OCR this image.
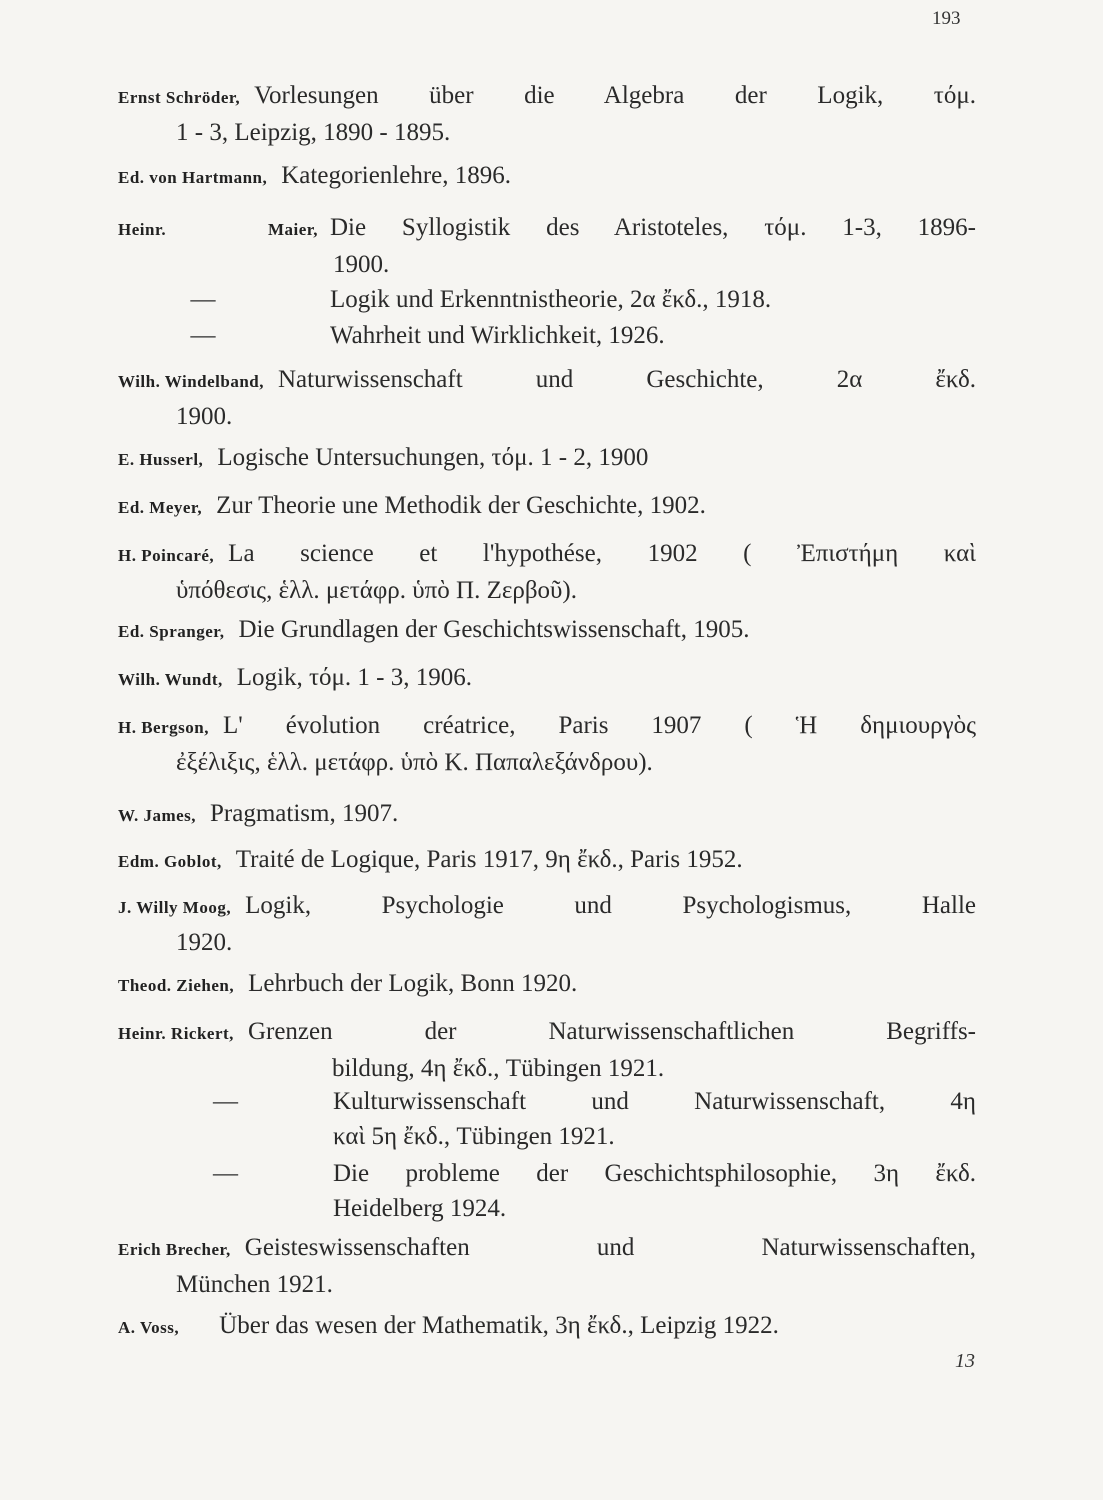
193
Ernst Schröder, Vorlesungen über die Algebra der Logik, τόμ.
1 - 3, Leipzig, 1890 - 1895.
Ed. von Hartmann, Kategorienlehre, 1896.
Heinr. Maier, Die Syllogistik des Aristoteles, τόμ. 1-3, 1896-
1900.
—	Logik und Erkenntnistheorie, 2α ἔκδ., 1918.
—	Wahrheit und Wirklichkeit, 1926.
Wilh. Windelband, Naturwissenschaft und Geschichte, 2α ἔκδ.
1900.
E. Husserl, Logische Untersuchungen, τόμ. 1 - 2, 1900
Ed. Meyer, Zur Theorie une Methodik der Geschichte, 1902.
H. Poincaré, La science et l'hypothése, 1902 ( Ἐπιστήμη καὶ
ὑπόθεσις, ἑλλ. μετάφρ. ὑπὸ Π. Ζερβοῦ).
Ed. Spranger, Die Grundlagen der Geschichtswissenschaft, 1905.
Wilh. Wundt, Logik, τόμ. 1 - 3, 1906.
H. Bergson, L' évolution créatrice, Paris 1907 ( Ἡ δημιουργὸς
ἐξέλιξις, ἑλλ. μετάφρ. ὑπὸ Κ. Παπαλεξάνδρου).
W. James, Pragmatism, 1907.
Edm. Goblot, Traité de Logique, Paris 1917, 9η ἔκδ., Paris 1952.
J. Willy Moog, Logik, Psychologie und Psychologismus, Halle
1920.
Theod. Ziehen, Lehrbuch der Logik, Bonn 1920.
Heinr. Rickert, Grenzen der Naturwissenschaftlichen Begriffs-
bildung, 4η ἔκδ., Tübingen 1921.
—	Kulturwissenschaft und Naturwissenschaft, 4η
καὶ 5η ἔκδ., Tübingen 1921.
—	Die probleme der Geschichtsphilosophie, 3η ἔκδ.
Heidelberg 1924.
Erich Brecher, Geisteswissenschaften und Naturwissenschaften,
München 1921.
A. Voss, Über das wesen der Mathematik, 3η ἔκδ., Leipzig 1922.
13
